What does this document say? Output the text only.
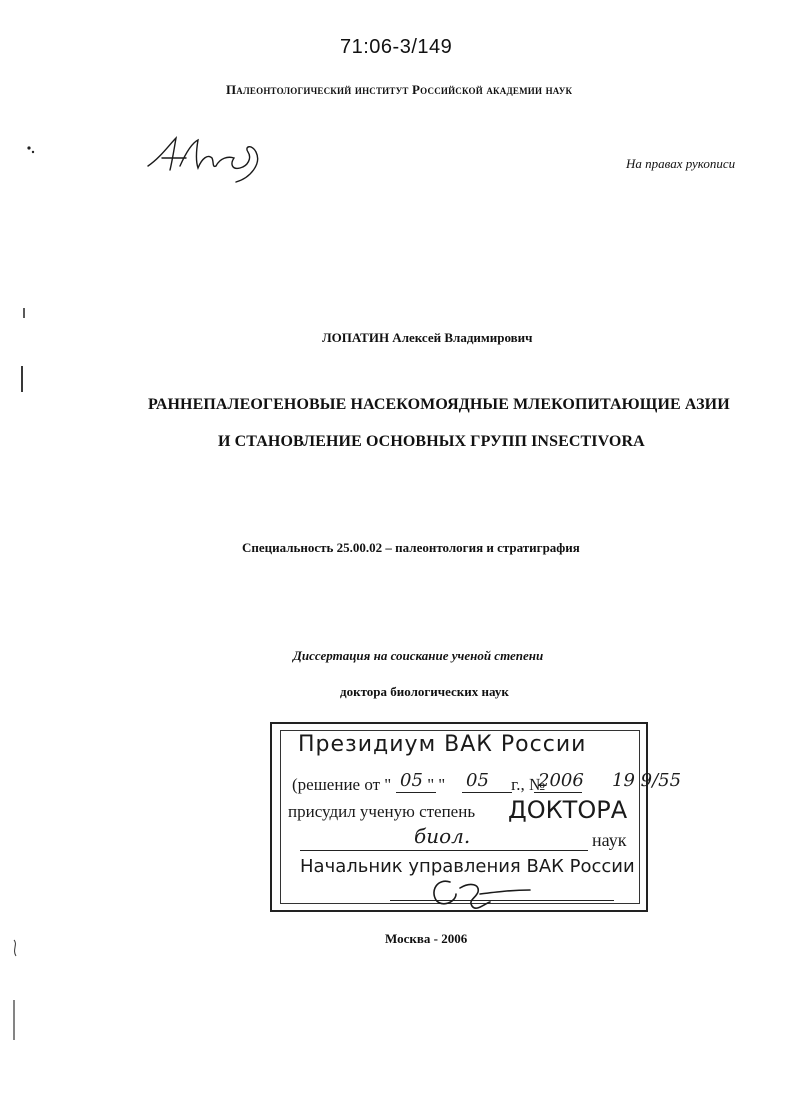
71:06-3/149
Палеонтологический институт Российской академии наук
На правах рукописи
ЛОПАТИН Алексей Владимирович
РАННЕПАЛЕОГЕНОВЫЕ НАСЕКОМОЯДНЫЕ МЛЕКОПИТАЮЩИЕ АЗИИ
И СТАНОВЛЕНИЕ ОСНОВНЫХ ГРУПП INSECTIVORA
Специальность 25.00.02 – палеонтология и стратиграфия
Диссертация на соискание ученой степени
доктора биологических наук
Президиум ВАК России
(решение от " " "	г., №
05 05	2006 19 9/55
присудил ученую степень ДОКТОРА
биол.	наук
Начальник управления ВАК России
Москва - 2006
